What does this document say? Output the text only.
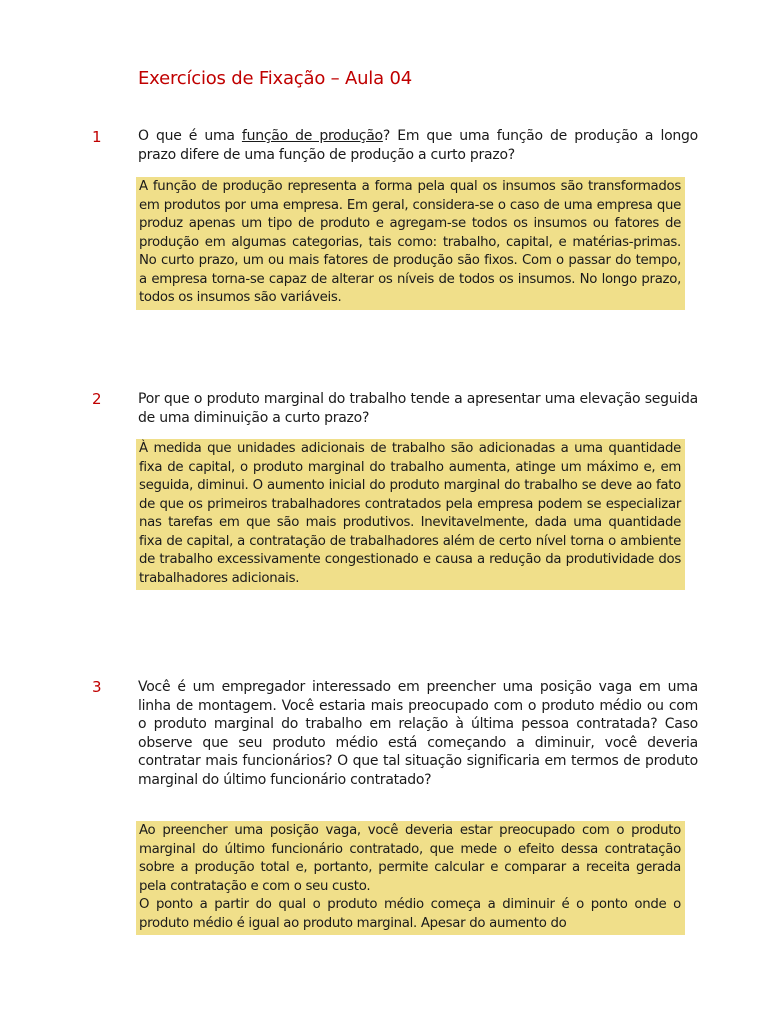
Exercícios de Fixação – Aula 04
1	O que é uma função de produção? Em que uma função de produção a longo prazo difere de uma função de produção a curto prazo?

A função de produção representa a forma pela qual os insumos são transformados em produtos por uma empresa. Em geral, considera-se o caso de uma empresa que produz apenas um tipo de produto e agregam-se todos os insumos ou fatores de produção em algumas categorias, tais como: trabalho, capital, e matérias-primas. No curto prazo, um ou mais fatores de produção são fixos. Com o passar do tempo, a empresa torna-se capaz de alterar os níveis de todos os insumos. No longo prazo, todos os insumos são variáveis.

2	Por que o produto marginal do trabalho tende a apresentar uma elevação seguida de uma diminuição a curto prazo?

À medida que unidades adicionais de trabalho são adicionadas a uma quantidade fixa de capital, o produto marginal do trabalho aumenta, atinge um máximo e, em seguida, diminui. O aumento inicial do produto marginal do trabalho se deve ao fato de que os primeiros trabalhadores contratados pela empresa podem se especializar nas tarefas em que são mais produtivos. Inevitavelmente, dada uma quantidade fixa de capital, a contratação de trabalhadores além de certo nível torna o ambiente de trabalho excessivamente congestionado e causa a redução da produtividade dos trabalhadores adicionais.

3	Você é um empregador interessado em preencher uma posição vaga em uma linha de montagem. Você estaria mais preocupado com o produto médio ou com o produto marginal do trabalho em relação à última pessoa contratada? Caso observe que seu produto médio está começando a diminuir, você deveria contratar mais funcionários? O que tal situação significaria em termos de produto marginal do último funcionário contratado?

Ao preencher uma posição vaga, você deveria estar preocupado com o produto marginal do último funcionário contratado, que mede o efeito dessa contratação sobre a produção total e, portanto, permite calcular e comparar a receita gerada pela contratação e com o seu custo.

O ponto a partir do qual o produto médio começa a diminuir é o ponto onde o produto médio é igual ao produto marginal. Apesar do aumento do
